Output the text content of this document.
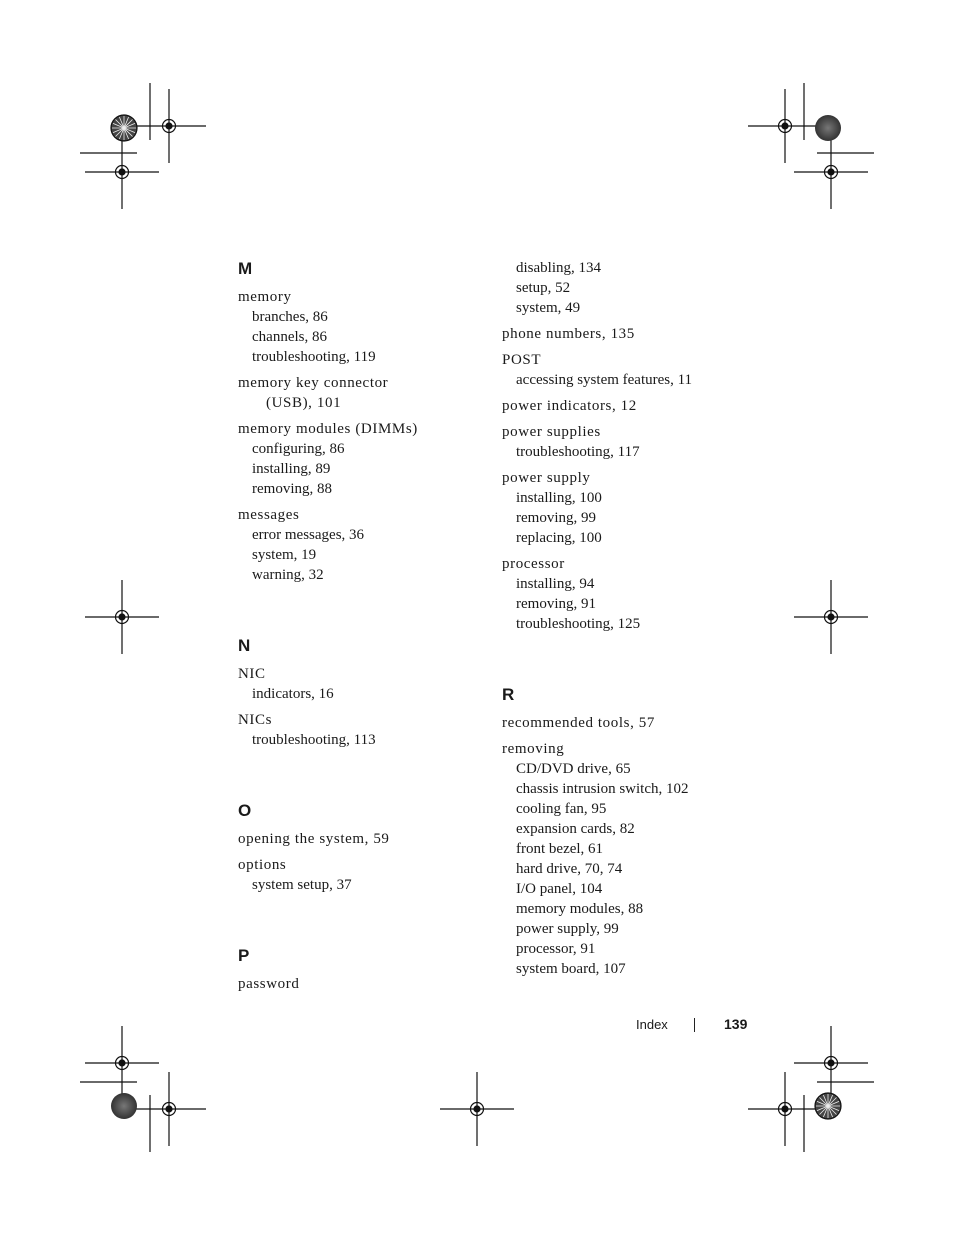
M
memory
branches, 86
channels, 86
troubleshooting, 119
memory key connector
(USB), 101
memory modules (DIMMs)
configuring, 86
installing, 89
removing, 88
messages
error messages, 36
system, 19
warning, 32
N
NIC
indicators, 16
NICs
troubleshooting, 113
O
opening the system, 59
options
system setup, 37
P
password
disabling, 134
setup, 52
system, 49
phone numbers, 135
POST
accessing system features, 11
power indicators, 12
power supplies
troubleshooting, 117
power supply
installing, 100
removing, 99
replacing, 100
processor
installing, 94
removing, 91
troubleshooting, 125
R
recommended tools, 57
removing
CD/DVD drive, 65
chassis intrusion switch, 102
cooling fan, 95
expansion cards, 82
front bezel, 61
hard drive, 70, 74
I/O panel, 104
memory modules, 88
power supply, 99
processor, 91
system board, 107
Index	139
